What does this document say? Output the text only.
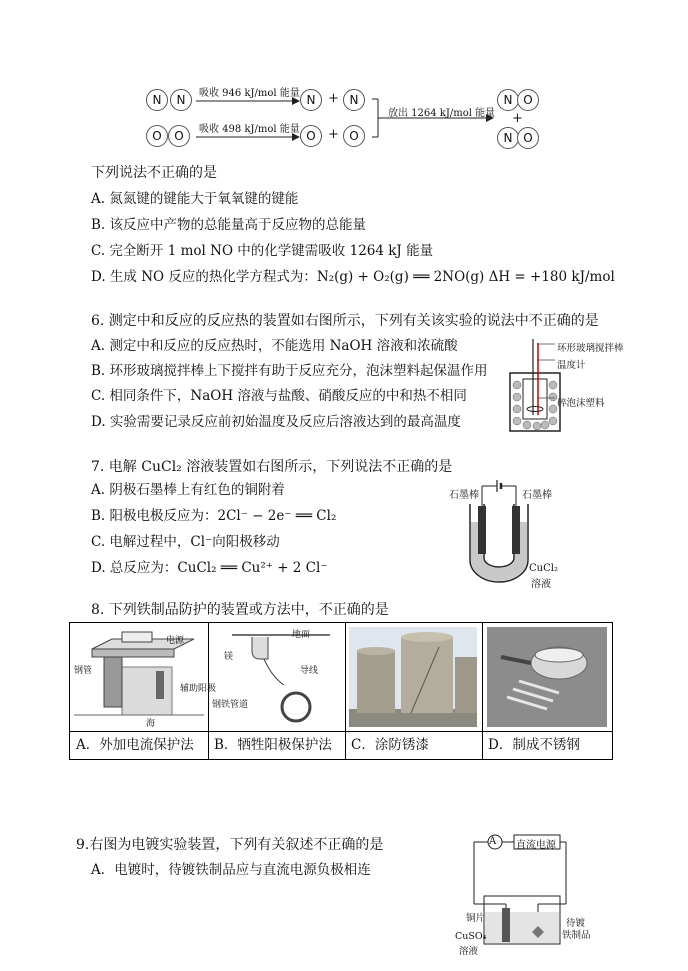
N	N	吸收 946 kJ/mol 能量 N + N
O	O	吸收 498 kJ/mol 能量 O + O
放出 1264 kJ/mol 能量
N O
+
N O
下列说法不正确的是
A. 氮氮键的键能大于氧氧键的键能
B. 该反应中产物的总能量高于反应物的总能量
C. 完全断开 1 mol NO 中的化学键需吸收 1264 kJ 能量
D. 生成 NO 反应的热化学方程式为：N₂(g) + O₂(g) ══ 2NO(g) ΔH = +180 kJ/mol
6. 测定中和反应的反应热的装置如右图所示，下列有关该实验的说法中不正确的是
A. 测定中和反应的反应热时，不能选用 NaOH 溶液和浓硫酸
B. 环形玻璃搅拌棒上下搅拌有助于反应充分，泡沫塑料起保温作用
C. 相同条件下，NaOH 溶液与盐酸、硝酸反应的中和热不相同
D. 实验需要记录反应前初始温度及反应后溶液达到的最高温度
环形玻璃搅拌棒
温度计
碎泡沫塑料
7. 电解 CuCl₂ 溶液装置如右图所示，下列说法不正确的是
A. 阴极石墨棒上有红色的铜附着
B. 阳极电极反应为：2Cl⁻ − 2e⁻ ══ Cl₂
C. 电解过程中，Cl⁻向阳极移动
D. 总反应为：CuCl₂ ══ Cu²⁺ + 2 Cl⁻
石墨棒	石墨棒
CuCl₂
溶液
8. 下列铁制品防护的装置或方法中，不正确的是
电源
钢管
辅助阳极
海
A．外加电流保护法
镁
地面
导线
钢铁管道
B．牺牲阳极保护法	C．涂防锈漆	D．制成不锈钢
9.右图为电镀实验装置，下列有关叙述不正确的是
A．电镀时，待镀铁制品应与直流电源负极相连
A 直流电源
铜片
CuSO₄
溶液
待镀
铁制品
